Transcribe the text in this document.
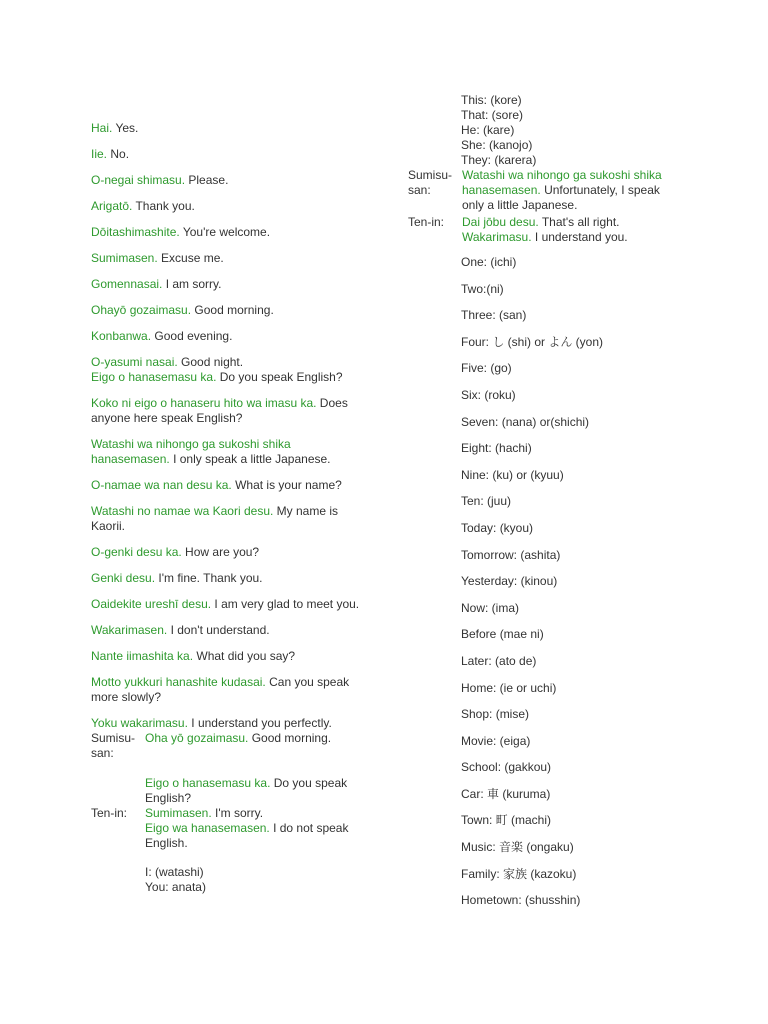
Hai. Yes.
Iie. No.
O-negai shimasu. Please.
Arigatō. Thank you.
Dōitashimashite. You're welcome.
Sumimasen. Excuse me.
Gomennasai. I am sorry.
Ohayō gozaimasu. Good morning.
Konbanwa. Good evening.
O-yasumi nasai. Good night.
Eigo o hanasemasu ka. Do you speak English?
Koko ni eigo o hanaseru hito wa imasu ka. Does anyone here speak English?
Watashi wa nihongo ga sukoshi shika hanasemasen. I only speak a little Japanese.
O-namae wa nan desu ka. What is your name?
Watashi no namae wa Kaori desu. My name is Kaorii.
O-genki desu ka. How are you?
Genki desu. I'm fine. Thank you.
Oaidekite ureshī desu. I am very glad to meet you.
Wakarimasen. I don't understand.
Nante iimashita ka. What did you say?
Motto yukkuri hanashite kudasai. Can you speak more slowly?
Yoku wakarimasu. I understand you perfectly.
Sumisu-san:
Oha yō gozaimasu. Good morning.
Eigo o hanasemasu ka. Do you speak English?
Ten-in:	Sumimasen. I'm sorry.
Eigo wa hanasemasen. I do not speak English.
I: (watashi)
You: anata)
This: (kore)
That: (sore)
He: (kare)
She: (kanojo)
They: (karera)
Sumisu-san:
Watashi wa nihongo ga sukoshi shika hanasemasen. Unfortunately, I speak only a little Japanese.
Ten-in:	Dai jōbu desu. That's all right.
Wakarimasu. I understand you.
One: (ichi)
Two:(ni)
Three: (san)
Four: し (shi) or よん (yon)
Five: (go)
Six: (roku)
Seven: (nana) or(shichi)
Eight: (hachi)
Nine: (ku) or (kyuu)
Ten: (juu)
Today: (kyou)
Tomorrow: (ashita)
Yesterday: (kinou)
Now: (ima)
Before (mae ni)
Later: (ato de)
Home: (ie or uchi)
Shop: (mise)
Movie: (eiga)
School: (gakkou)
Car: 車 (kuruma)
Town: 町 (machi)
Music: 音楽 (ongaku)
Family: 家族 (kazoku)
Hometown: (shusshin)
